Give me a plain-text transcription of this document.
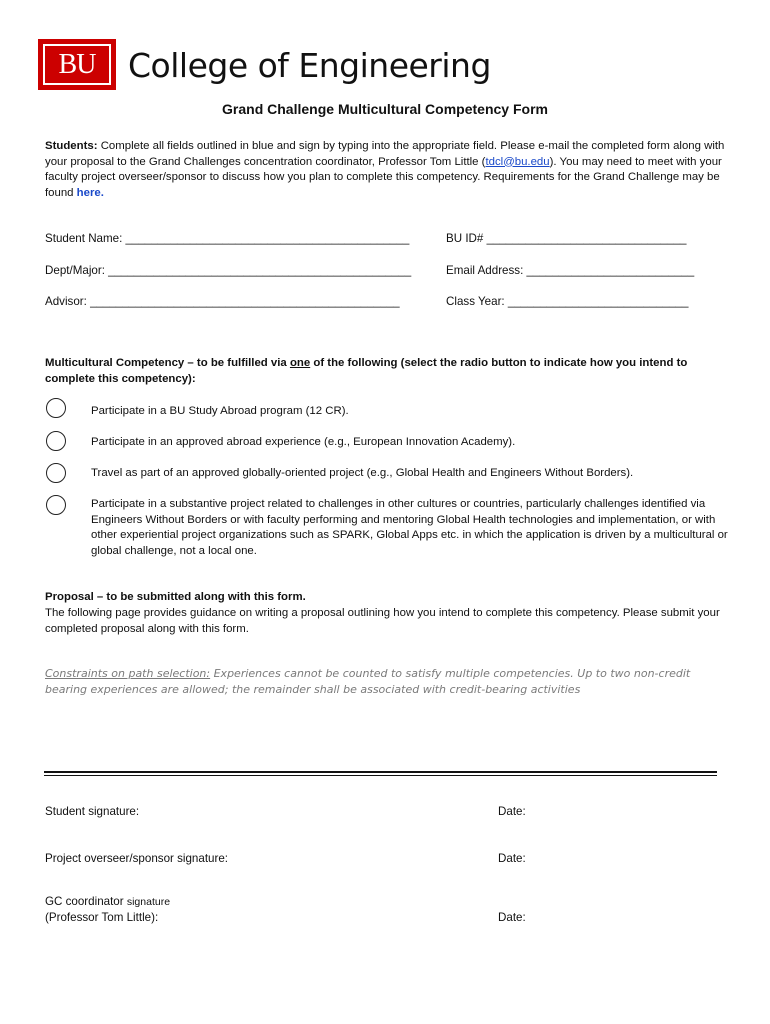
BU College of Engineering
Grand Challenge Multicultural Competency Form
Students: Complete all fields outlined in blue and sign by typing into the appropriate field. Please e-mail the completed form along with your proposal to the Grand Challenges concentration coordinator, Professor Tom Little (tdcl@bu.edu). You may need to meet with your faculty project overseer/sponsor to discuss how you plan to complete this competency. Requirements for the Grand Challenge may be found here.
Student Name: ____________________________________________	BU ID# _______________________________
Dept/Major: _______________________________________________	Email Address: __________________________
Advisor: ________________________________________________	Class Year: ____________________________
Multicultural Competency – to be fulfilled via one of the following (select the radio button to indicate how you intend to complete this competency):
Participate in a BU Study Abroad program (12 CR).
Participate in an approved abroad experience (e.g., European Innovation Academy).
Travel as part of an approved globally-oriented project (e.g., Global Health and Engineers Without Borders).
Participate in a substantive project related to challenges in other cultures or countries, particularly challenges identified via Engineers Without Borders or with faculty performing and mentoring Global Health technologies and implementation, or with other experiential project organizations such as SPARK, Global Apps etc. in which the application is driven by a multicultural or global challenge, not a local one.
Proposal – to be submitted along with this form.
The following page provides guidance on writing a proposal outlining how you intend to complete this competency. Please submit your completed proposal along with this form.
Constraints on path selection: Experiences cannot be counted to satisfy multiple competencies. Up to two non-credit bearing experiences are allowed; the remainder shall be associated with credit-bearing activities
Student signature:	Date:
Project overseer/sponsor signature:	Date:
GC coordinator signature
(Professor Tom Little):	Date:
